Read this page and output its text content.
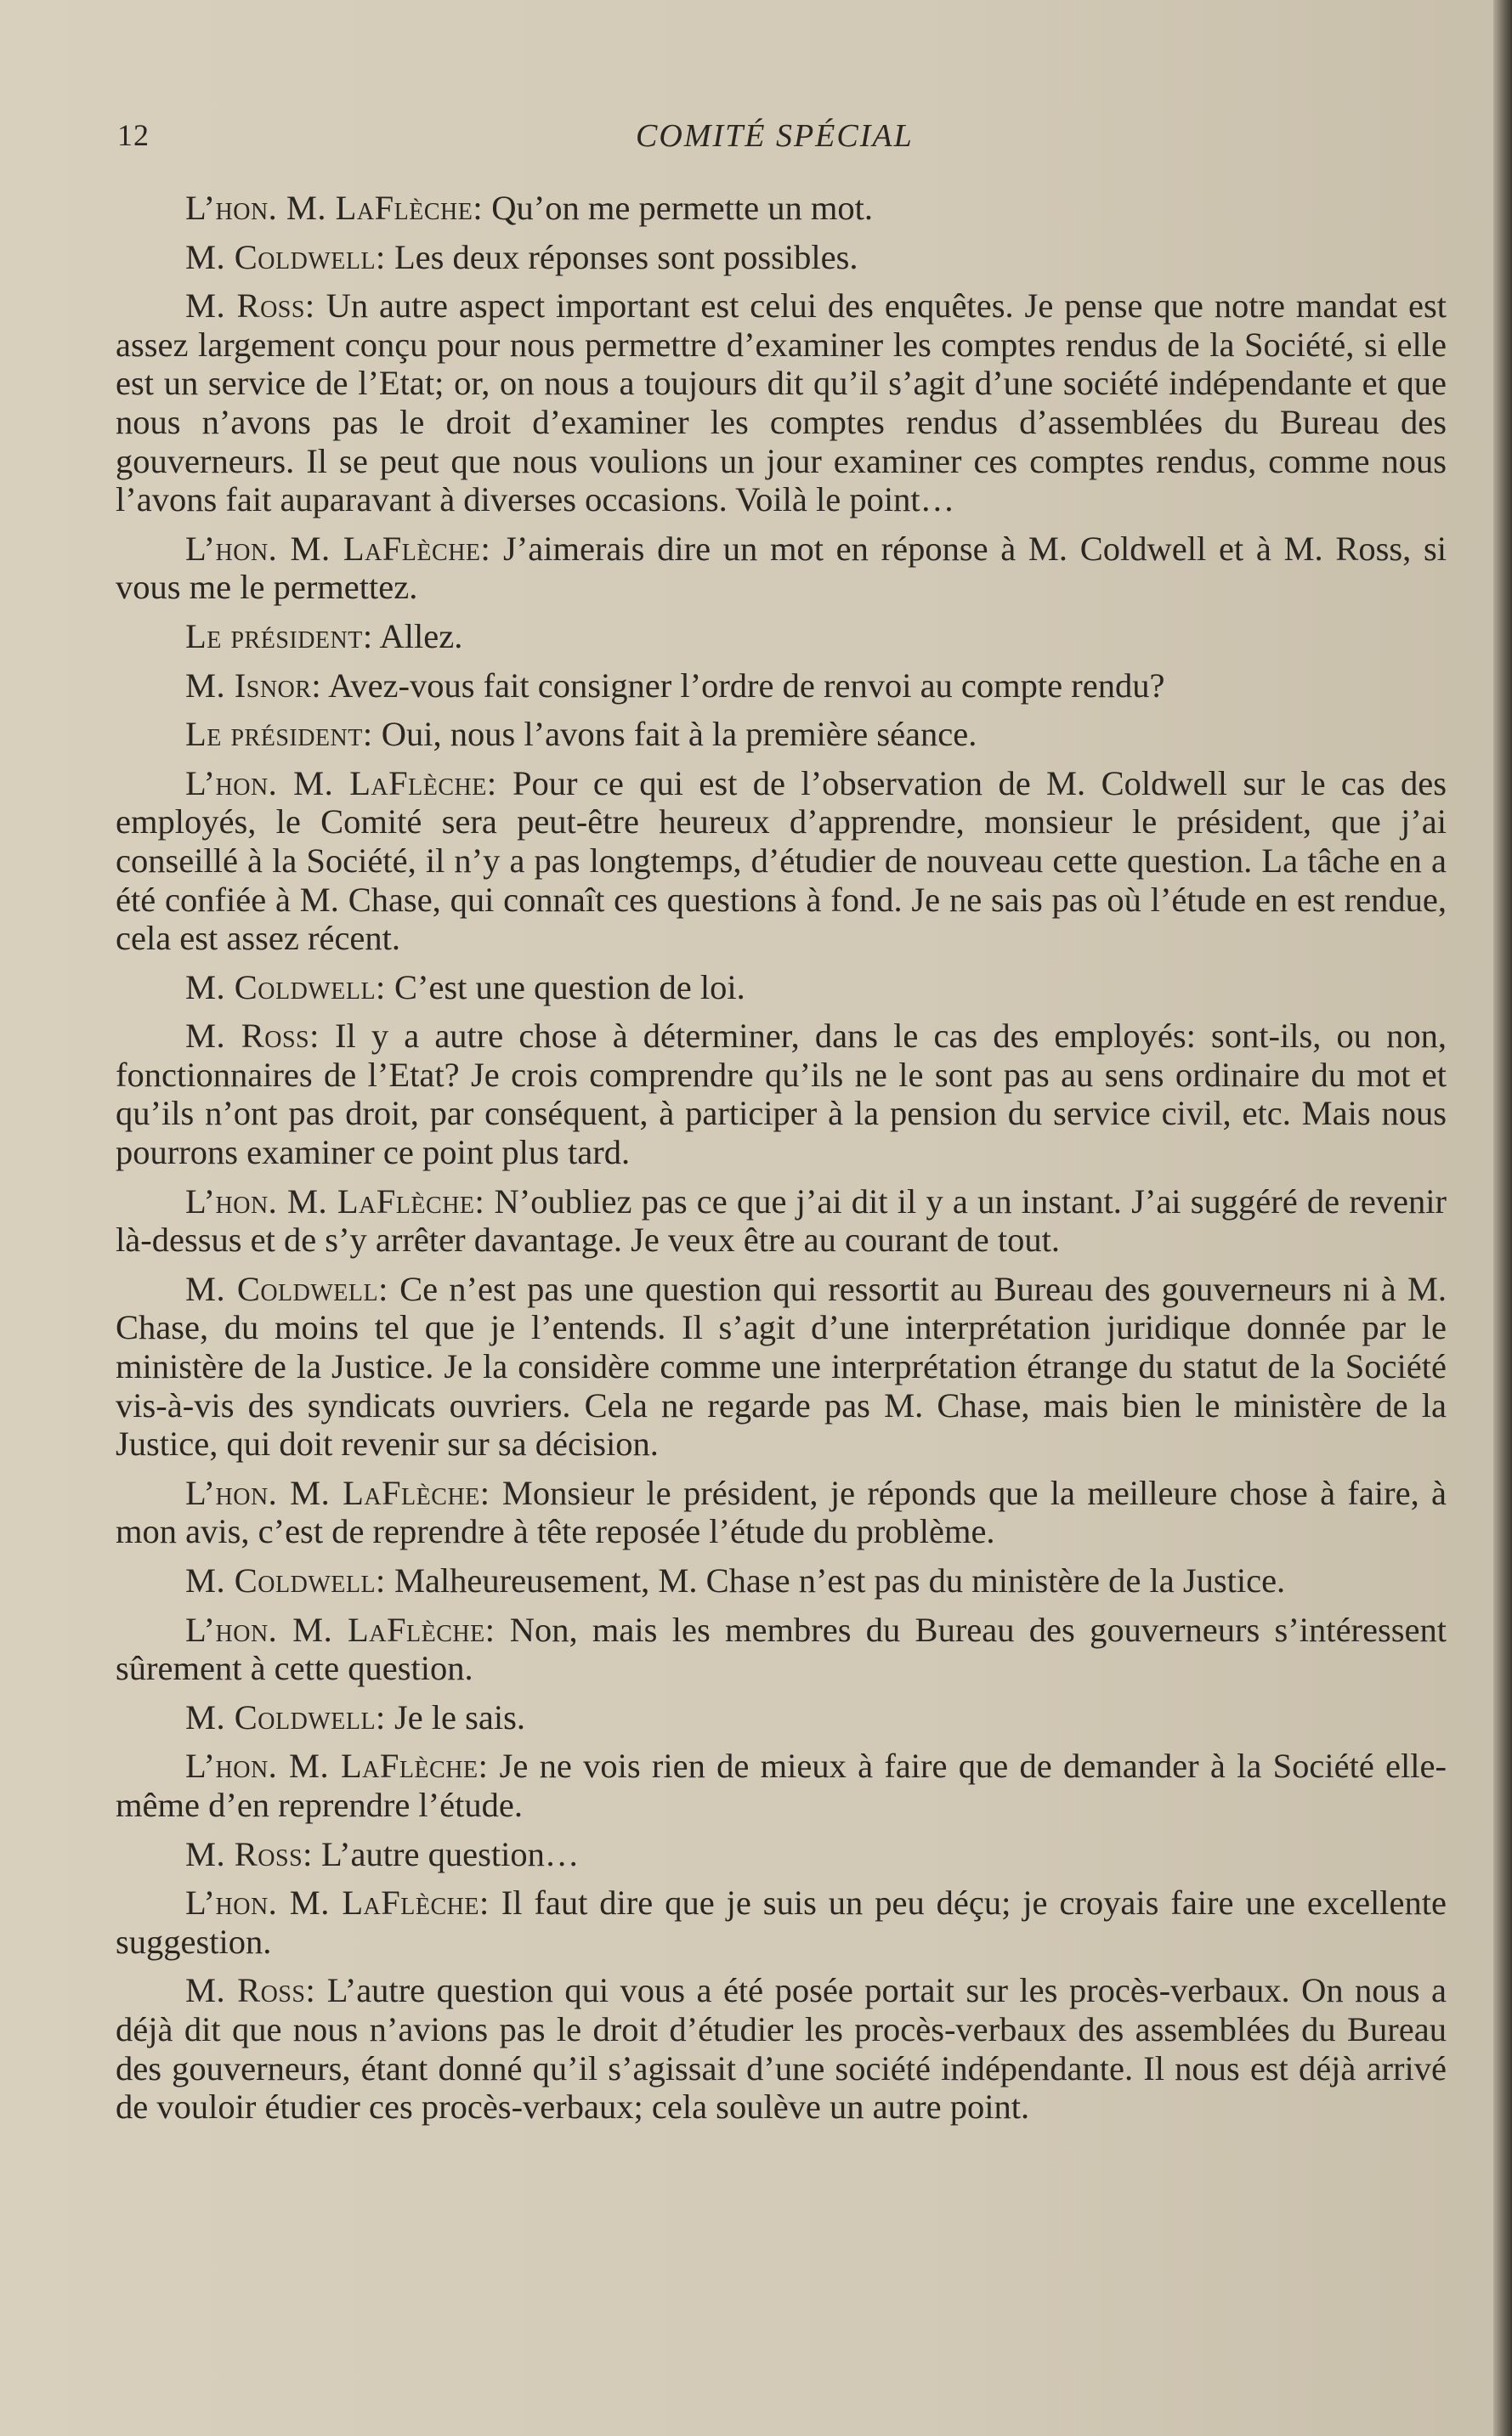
12	COMITÉ SPÉCIAL

L’hon. M. LaFlèche: Qu’on me permette un mot.

M. Coldwell: Les deux réponses sont possibles.

M. Ross: Un autre aspect important est celui des enquêtes. Je pense que notre mandat est assez largement conçu pour nous permettre d’examiner les comptes rendus de la Société, si elle est un service de l’Etat; or, on nous a toujours dit qu’il s’agit d’une société indépendante et que nous n’avons pas le droit d’examiner les comptes rendus d’assemblées du Bureau des gouverneurs. Il se peut que nous voulions un jour examiner ces comptes rendus, comme nous l’avons fait auparavant à diverses occasions. Voilà le point…

L’hon. M. LaFlèche: J’aimerais dire un mot en réponse à M. Coldwell et à M. Ross, si vous me le permettez.

Le président: Allez.

M. Isnor: Avez-vous fait consigner l’ordre de renvoi au compte rendu?

Le président: Oui, nous l’avons fait à la première séance.

L’hon. M. LaFlèche: Pour ce qui est de l’observation de M. Coldwell sur le cas des employés, le Comité sera peut-être heureux d’apprendre, monsieur le président, que j’ai conseillé à la Société, il n’y a pas longtemps, d’étudier de nouveau cette question. La tâche en a été confiée à M. Chase, qui connaît ces questions à fond. Je ne sais pas où l’étude en est rendue, cela est assez récent.

M. Coldwell: C’est une question de loi.

M. Ross: Il y a autre chose à déterminer, dans le cas des employés: sont-ils, ou non, fonctionnaires de l’Etat? Je crois comprendre qu’ils ne le sont pas au sens ordinaire du mot et qu’ils n’ont pas droit, par conséquent, à participer à la pension du service civil, etc. Mais nous pourrons examiner ce point plus tard.

L’hon. M. LaFlèche: N’oubliez pas ce que j’ai dit il y a un instant. J’ai suggéré de revenir là-dessus et de s’y arrêter davantage. Je veux être au courant de tout.

M. Coldwell: Ce n’est pas une question qui ressortit au Bureau des gouverneurs ni à M. Chase, du moins tel que je l’entends. Il s’agit d’une interprétation juridique donnée par le ministère de la Justice. Je la considère comme une interprétation étrange du statut de la Société vis-à-vis des syndicats ouvriers. Cela ne regarde pas M. Chase, mais bien le ministère de la Justice, qui doit revenir sur sa décision.

L’hon. M. LaFlèche: Monsieur le président, je réponds que la meilleure chose à faire, à mon avis, c’est de reprendre à tête reposée l’étude du problème.

M. Coldwell: Malheureusement, M. Chase n’est pas du ministère de la Justice.

L’hon. M. LaFlèche: Non, mais les membres du Bureau des gouverneurs s’intéressent sûrement à cette question.

M. Coldwell: Je le sais.

L’hon. M. LaFlèche: Je ne vois rien de mieux à faire que de demander à la Société elle-même d’en reprendre l’étude.

M. Ross: L’autre question…

L’hon. M. LaFlèche: Il faut dire que je suis un peu déçu; je croyais faire une excellente suggestion.

M. Ross: L’autre question qui vous a été posée portait sur les procès-verbaux. On nous a déjà dit que nous n’avions pas le droit d’étudier les procès-verbaux des assemblées du Bureau des gouverneurs, étant donné qu’il s’agissait d’une société indépendante. Il nous est déjà arrivé de vouloir étudier ces procès-verbaux; cela soulève un autre point.
